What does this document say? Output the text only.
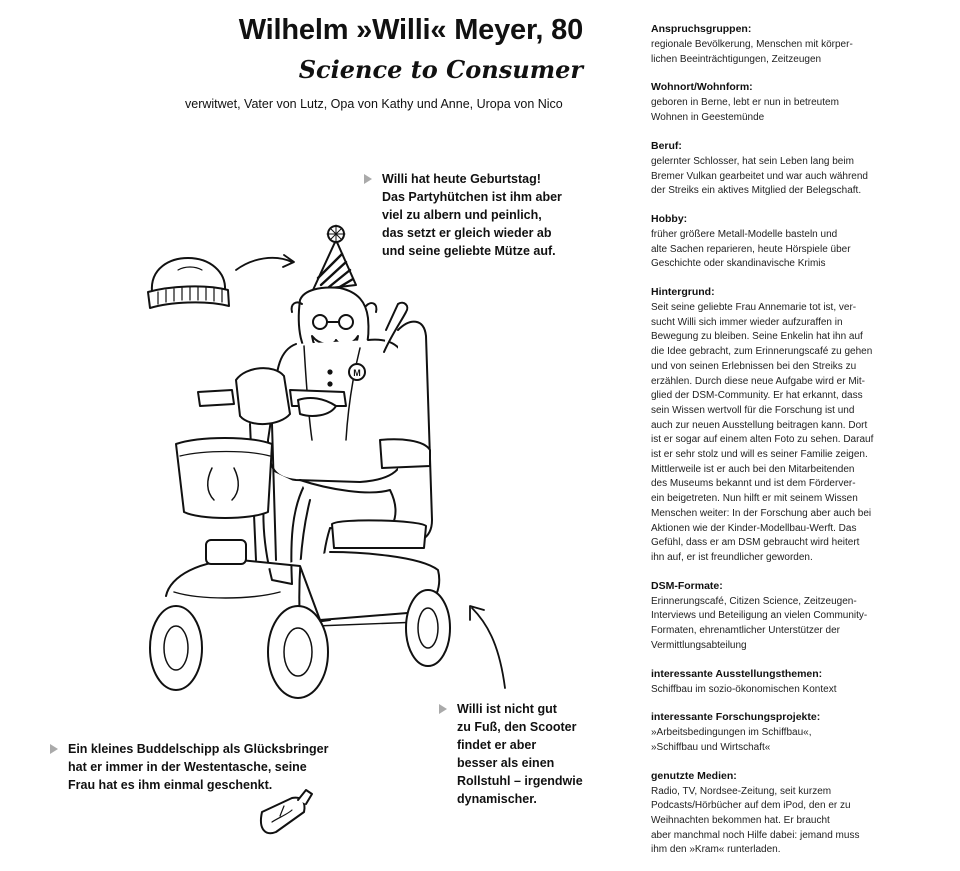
Wilhelm »Willi« Meyer, 80
Science to Consumer
verwitwet, Vater von Lutz, Opa von Kathy und Anne, Uropa von Nico
M
Willi hat heute Geburtstag!
Das Partyhütchen ist ihm aber
viel zu albern und peinlich,
das setzt er gleich wieder ab
und seine geliebte Mütze auf.
Willi ist nicht gut
zu Fuß, den Scooter
findet er aber
besser als einen
Rollstuhl – irgendwie
dynamischer.
Ein kleines Buddelschipp als Glücksbringer
hat er immer in der Westentasche, seine
Frau hat es ihm einmal geschenkt.
Anspruchsgruppen:
regionale Bevölkerung, Menschen mit körper-
lichen Beeinträchtigungen, Zeitzeugen
Wohnort/Wohnform:
geboren in Berne, lebt er nun in betreutem
Wohnen in Geestemünde
Beruf:
gelernter Schlosser, hat sein Leben lang beim
Bremer Vulkan gearbeitet und war auch während
der Streiks ein aktives Mitglied der Belegschaft.
Hobby:
früher größere Metall-Modelle basteln und
alte Sachen reparieren, heute Hörspiele über
Geschichte oder skandinavische Krimis
Hintergrund:
Seit seine geliebte Frau Annemarie tot ist, ver-
sucht Willi sich immer wieder aufzuraffen in
Bewegung zu bleiben. Seine Enkelin hat ihn auf
die Idee gebracht, zum Erinnerungscafé zu gehen
und von seinen Erlebnissen bei den Streiks zu
erzählen. Durch diese neue Aufgabe wird er Mit-
glied der DSM-Community. Er hat erkannt, dass
sein Wissen wertvoll für die Forschung ist und
auch zur neuen Ausstellung beitragen kann. Dort
ist er sogar auf einem alten Foto zu sehen. Darauf
ist er sehr stolz und will es seiner Familie zeigen.
Mittlerweile ist er auch bei den Mitarbeitenden
des Museums bekannt und ist dem Förderver-
ein beigetreten. Nun hilft er mit seinem Wissen
Menschen weiter: In der Forschung aber auch bei
Aktionen wie der Kinder-Modellbau-Werft. Das
Gefühl, dass er am DSM gebraucht wird heitert
ihn auf, er ist freundlicher geworden.
DSM-Formate:
Erinnerungscafé, Citizen Science, Zeitzeugen-
Interviews und Beteiligung an vielen Community-
Formaten, ehrenamtlicher Unterstützer der
Vermittlungsabteilung
interessante Ausstellungsthemen:
Schiffbau im sozio-ökonomischen Kontext
interessante Forschungsprojekte:
»Arbeitsbedingungen im Schiffbau«,
»Schiffbau und Wirtschaft«
genutzte Medien:
Radio, TV, Nordsee-Zeitung, seit kurzem
Podcasts/Hörbücher auf dem iPod, den er zu
Weihnachten bekommen hat. Er braucht
aber manchmal noch Hilfe dabei: jemand muss
ihm den »Kram« runterladen.
